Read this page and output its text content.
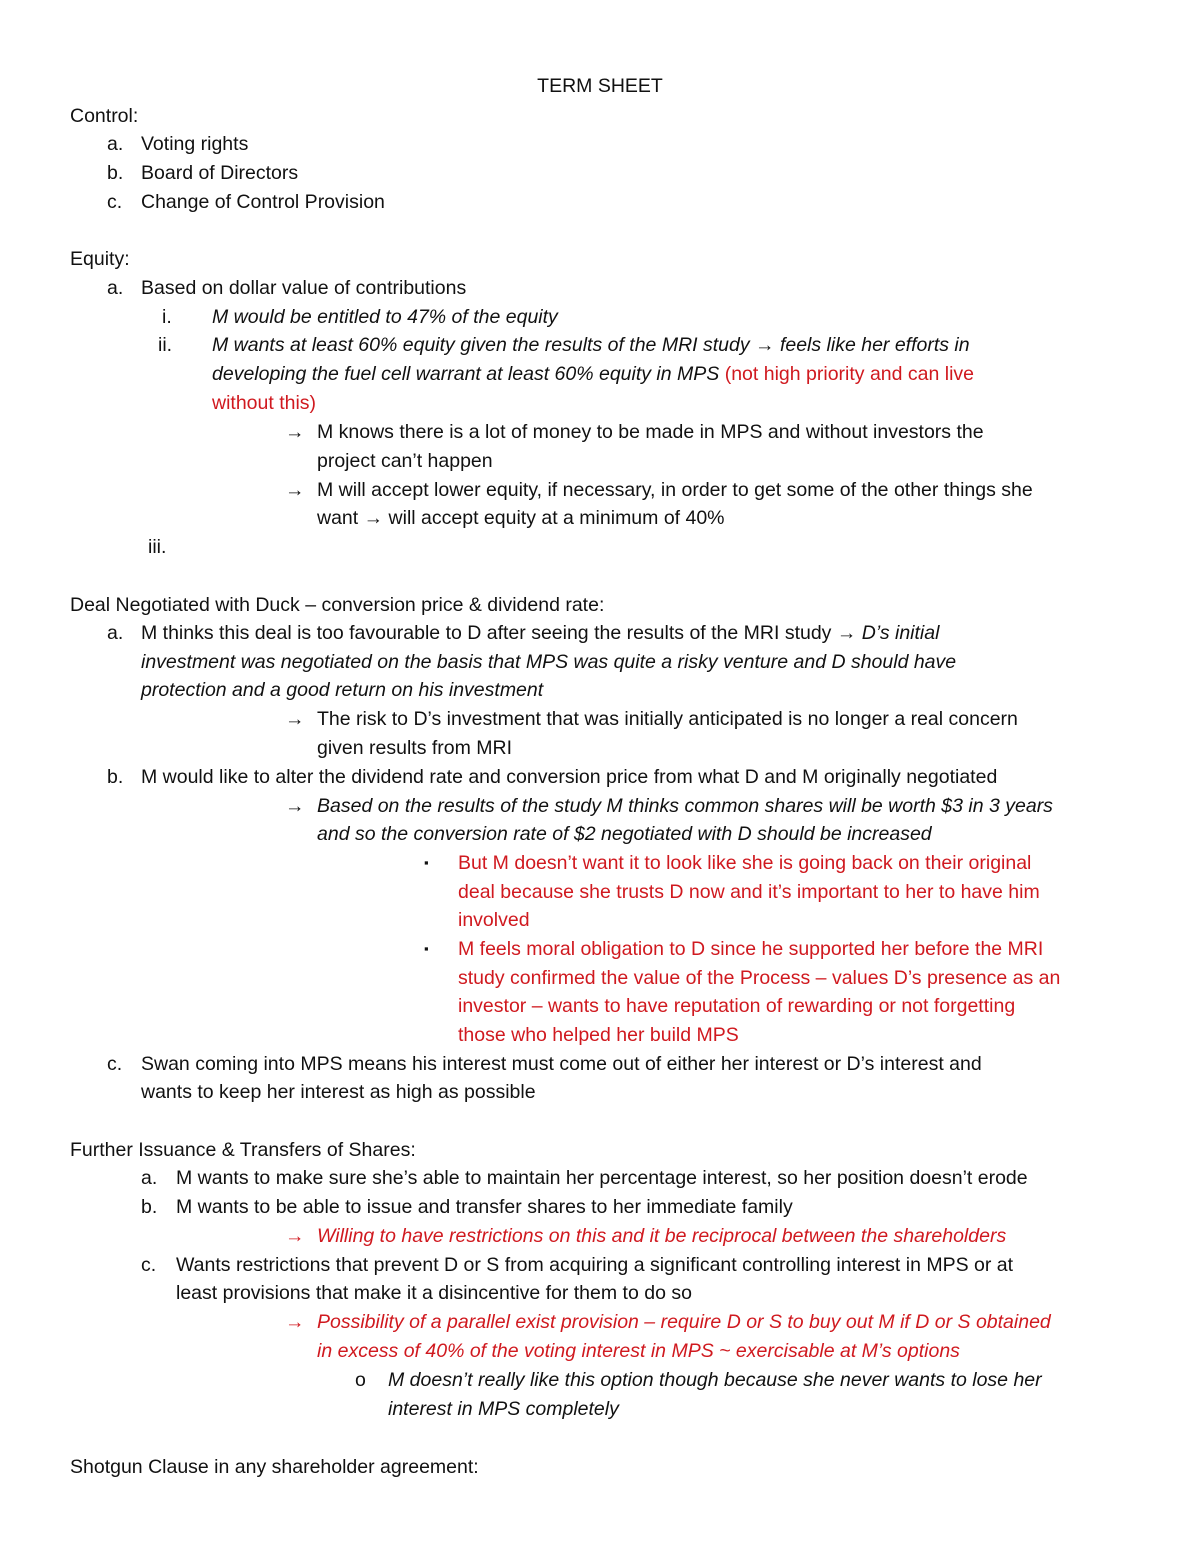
TERM SHEET
Control:
a. Voting rights
b. Board of Directors
c. Change of Control Provision
Equity:
a. Based on dollar value of contributions
i. M would be entitled to 47% of the equity
ii. M wants at least 60% equity given the results of the MRI study → feels like her efforts in
developing the fuel cell warrant at least 60% equity in MPS (not high priority and can live
without this)
→ M knows there is a lot of money to be made in MPS and without investors the
project can’t happen
→ M will accept lower equity, if necessary, in order to get some of the other things she
want → will accept equity at a minimum of 40%
iii.
Deal Negotiated with Duck – conversion price & dividend rate:
a. M thinks this deal is too favourable to D after seeing the results of the MRI study → D’s initial
investment was negotiated on the basis that MPS was quite a risky venture and D should have
protection and a good return on his investment
→ The risk to D’s investment that was initially anticipated is no longer a real concern
given results from MRI
b. M would like to alter the dividend rate and conversion price from what D and M originally negotiated
→ Based on the results of the study M thinks common shares will be worth $3 in 3 years
and so the conversion rate of $2 negotiated with D should be increased
▪ But M doesn’t want it to look like she is going back on their original
deal because she trusts D now and it’s important to her to have him
involved
▪ M feels moral obligation to D since he supported her before the MRI
study confirmed the value of the Process – values D’s presence as an
investor – wants to have reputation of rewarding or not forgetting
those who helped her build MPS
c. Swan coming into MPS means his interest must come out of either her interest or D’s interest and
wants to keep her interest as high as possible
Further Issuance & Transfers of Shares:
a. M wants to make sure she’s able to maintain her percentage interest, so her position doesn’t erode
b. M wants to be able to issue and transfer shares to her immediate family
→ Willing to have restrictions on this and it be reciprocal between the shareholders
c. Wants restrictions that prevent D or S from acquiring a significant controlling interest in MPS or at
least provisions that make it a disincentive for them to do so
→ Possibility of a parallel exist provision – require D or S to buy out M if D or S obtained
in excess of 40% of the voting interest in MPS ~ exercisable at M’s options
o M doesn’t really like this option though because she never wants to lose her
interest in MPS completely
Shotgun Clause in any shareholder agreement:
